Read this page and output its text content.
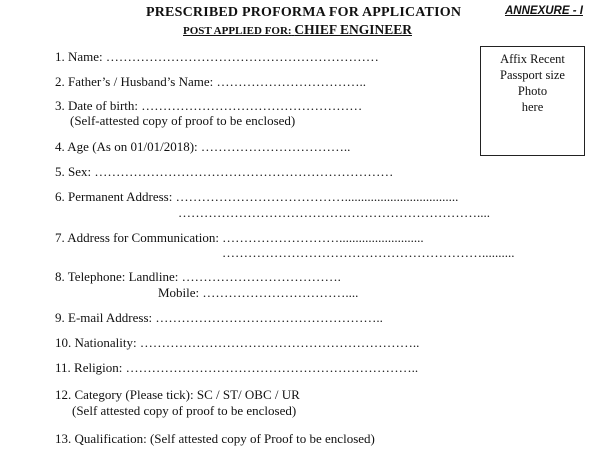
PRESCRIBED PROFORMA FOR APPLICATION	ANNEXURE - I
POST APPLIED FOR: CHIEF ENGINEER
Affix Recent
Passport size
Photo
here
1. Name: ………………………………………………………
2. Father’s / Husband’s Name: ……………………………..
3. Date of birth: ……………………………………………
(Self-attested copy of proof to be enclosed)
4. Age (As on 01/01/2018): ……………………………..
5. Sex: ……………………………………………………………
6. Permanent Address: …………………………………...................................
……………………………………………………………....
7. Address for Communication: ………………………..........................
……………………………………………………..........
8. Telephone: Landline: ……………………………….
Mobile: ……………………………....
9. E-mail Address: ……………………………………………..
10. Nationality: ………………………………………………………..
11. Religion: …………………………………………………………..
12. Category (Please tick): SC / ST/ OBC / UR
(Self attested copy of proof to be enclosed)
13. Qualification: (Self attested copy of Proof to be enclosed)
